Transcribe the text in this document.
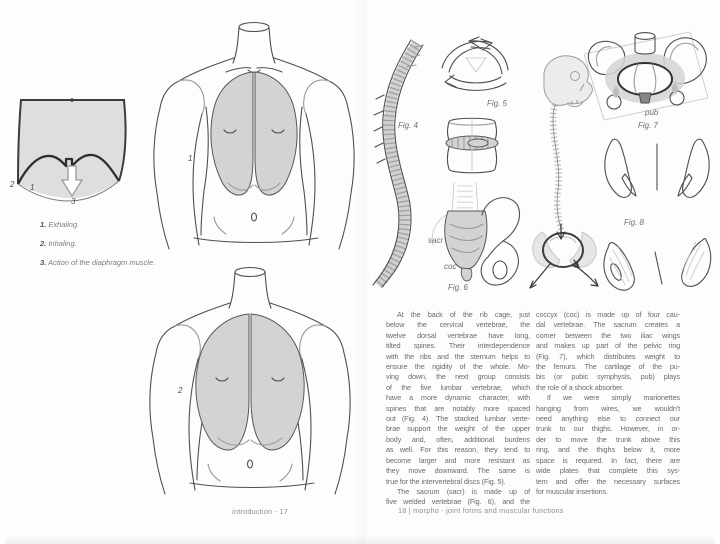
2 1
3
1. Exhaling.
2. Inhaling.
3. Action of the diaphragm muscle.
1
2
introduction - 17
Fig. 4
Fig. 5
sacr
coc
Fig. 6
pub
Fig. 7
Fig. 8
At the back of the rib cage, just
below the cervical vertebrae, the
twelve dorsal vertebrae have long,
tilted spines. Their interdependence
with the ribs and the sternum helps to
ensure the rigidity of the whole. Mo-
ving down, the next group consists
of the five lumbar vertebrae, which
have a more dynamic character, with
spines that are notably more spaced
out (Fig. 4). The stacked lumbar verte-
brae support the weight of the upper
body and, often, additional burdens
as well. For this reason, they tend to
become larger and more resistant as
they move downward. The same is
true for the intervertebral discs (Fig. 5).
The sacrum (sacr) is made up of
five welded vertebrae (Fig. 6), and the
coccyx (coc) is made up of four cau-
dal vertebrae. The sacrum creates a
corner between the two iliac wings
and makes up part of the pelvic ring
(Fig. 7), which distributes weight to
the femurs. The cartilage of the pu-
bis (or pubic symphysis, pub) plays
the role of a shock absorber.
If we were simply marionettes
hanging from wires, we wouldn't
need anything else to connect our
trunk to our thighs. However, in or-
der to move the trunk above this
ring, and the thighs below it, more
space is required. In fact, there are
wide plates that complete this sys-
tem and offer the necessary surfaces
for muscular insertions.
18 | morpho - joint forms and muscular functions
